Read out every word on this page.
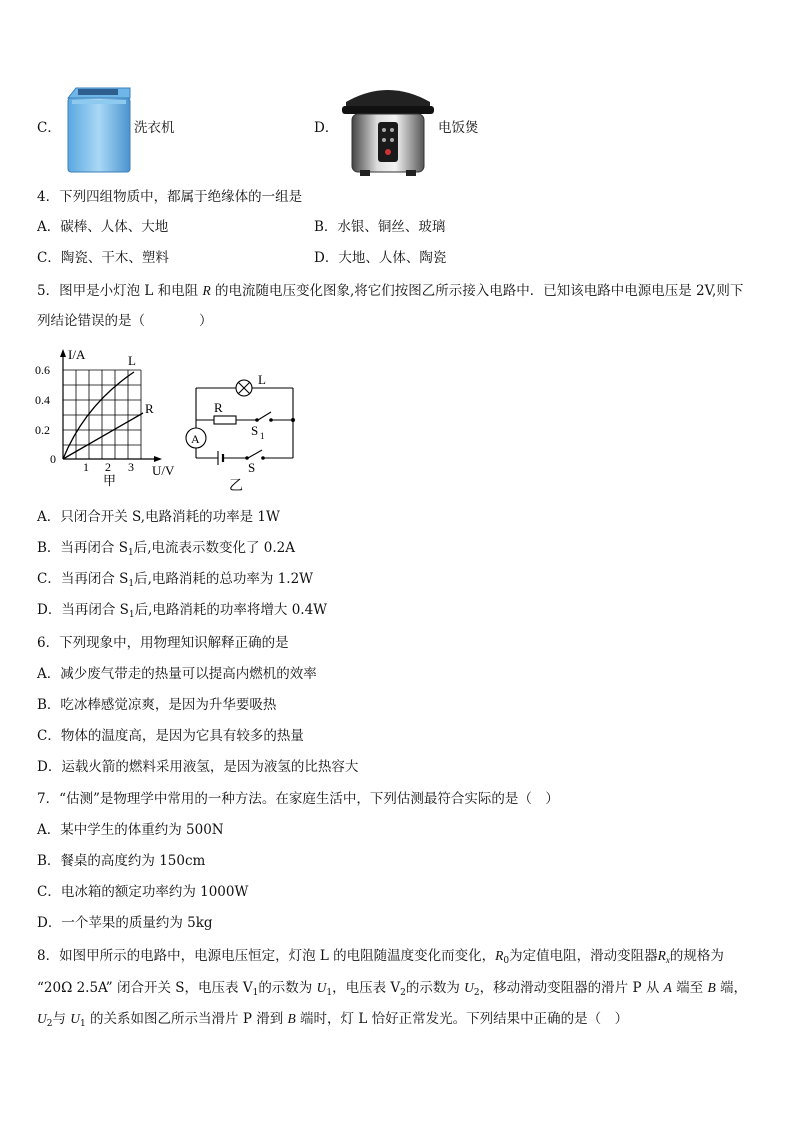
C．	洗衣机	D．	电饭煲
4．下列四组物质中，都属于绝缘体的一组是
A．碳棒、人体、大地	B．水银、铜丝、玻璃
C．陶瓷、干木、塑料	D．大地、人体、陶瓷
5．图甲是小灯泡 L 和电阻 R 的电流随电压变化图象,将它们按图乙所示接入电路中．已知该电路中电源电压是 2V,则下
列结论错误的是（　　　　）
I/A
0.6
0.4
0.2
0
1 2 3 U/V
L
R
甲
L
R
A
S 1
S
乙
A．只闭合开关 S,电路消耗的功率是 1W
B．当再闭合 $S_1$后,电流表示数变化了 0.2A
C．当再闭合 $S_1$后,电路消耗的总功率为 1.2W
D．当再闭合 $S_1$后,电路消耗的功率将增大 0.4W
6．下列现象中，用物理知识解释正确的是
A．减少废气带走的热量可以提高内燃机的效率
B．吃冰棒感觉凉爽，是因为升华要吸热
C．物体的温度高，是因为它具有较多的热量
D．运载火箭的燃料采用液氢，是因为液氢的比热容大
7．“估测”是物理学中常用的一种方法。在家庭生活中，下列估测最符合实际的是（　）
A．某中学生的体重约为 500N
B．餐桌的高度约为 150cm
C．电冰箱的额定功率约为 1000W
D．一个苹果的质量约为 5kg
8．如图甲所示的电路中，电源电压恒定，灯泡 L 的电阻随温度变化而变化，$R_0$为定值电阻，滑动变阻器$R_x$的规格为
“20Ω 2.5A” 闭合开关 S，电压表 $V_1$的示数为 $U_1$，电压表 $V_2$的示数为 $U_2$，移动滑动变阻器的滑片 P 从 A 端至 B 端，
$U_2$与 $U_1$ 的关系如图乙所示当滑片 P 滑到 B 端时，灯 L 恰好正常发光。下列结果中正确的是（　）
